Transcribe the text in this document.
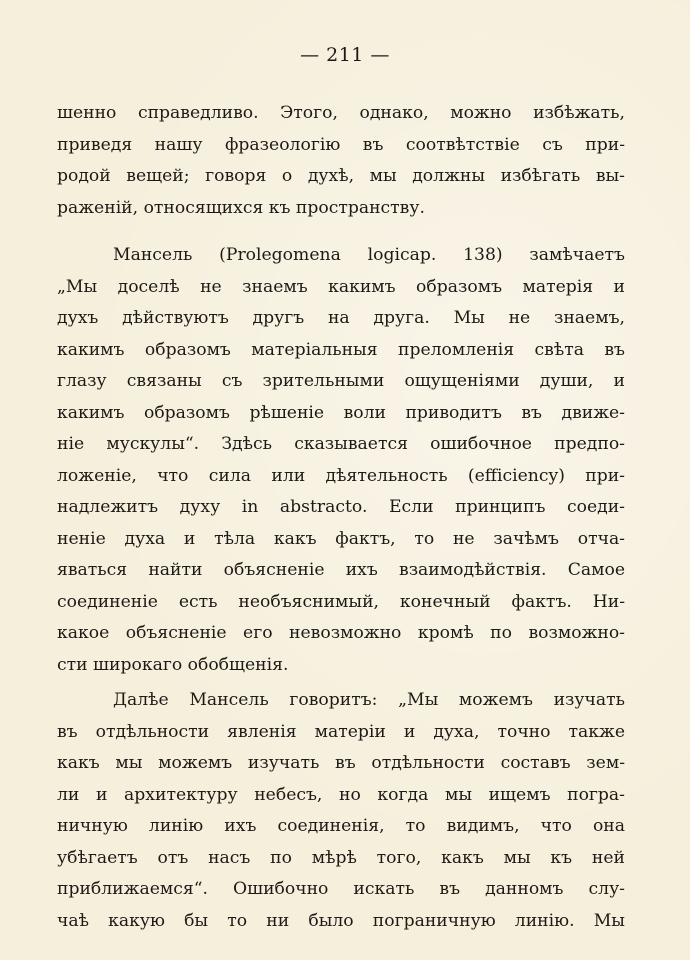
— 211 —
шенно справедливо. Этого, однако, можно избѣжать,
приведя нашу фразеологію въ соотвѣтствіе съ при-
родой вещей; говоря о духѣ, мы должны избѣгать вы-
раженій, относящихся къ пространству.
Мансель (Prolegomena logicap. 138) замѣчаетъ
„Мы доселѣ не знаемъ какимъ образомъ матерія и
духъ дѣйствуютъ другъ на друга. Мы не знаемъ,
какимъ образомъ матеріальныя преломленія свѣта въ
глазу связаны съ зрительными ощущеніями души, и
какимъ образомъ рѣшеніе воли приводитъ въ движе-
ніе мускулы“. Здѣсь сказывается ошибочное предпо-
ложеніе, что сила или дѣятельность (efficiency) при-
надлежитъ духу in abstracto. Если принципъ соеди-
неніе духа и тѣла какъ фактъ, то не зачѣмъ отча-
яваться найти объясненіе ихъ взаимодѣйствія. Самое
соединеніе есть необъяснимый, конечный фактъ. Ни-
какое объясненіе его невозможно кромѣ по возможно-
сти широкаго обобщенія.
Далѣе Мансель говоритъ: „Мы можемъ изучать
въ отдѣльности явленія матеріи и духа, точно также
какъ мы можемъ изучать въ отдѣльности составъ зем-
ли и архитектуру небесъ, но когда мы ищемъ погра-
ничную линію ихъ соединенія, то видимъ, что она
убѣгаетъ отъ насъ по мѣрѣ того, какъ мы къ ней
приближаемся“. Ошибочно искать въ данномъ слу-
чаѣ какую бы то ни было пограничную линію. Мы
